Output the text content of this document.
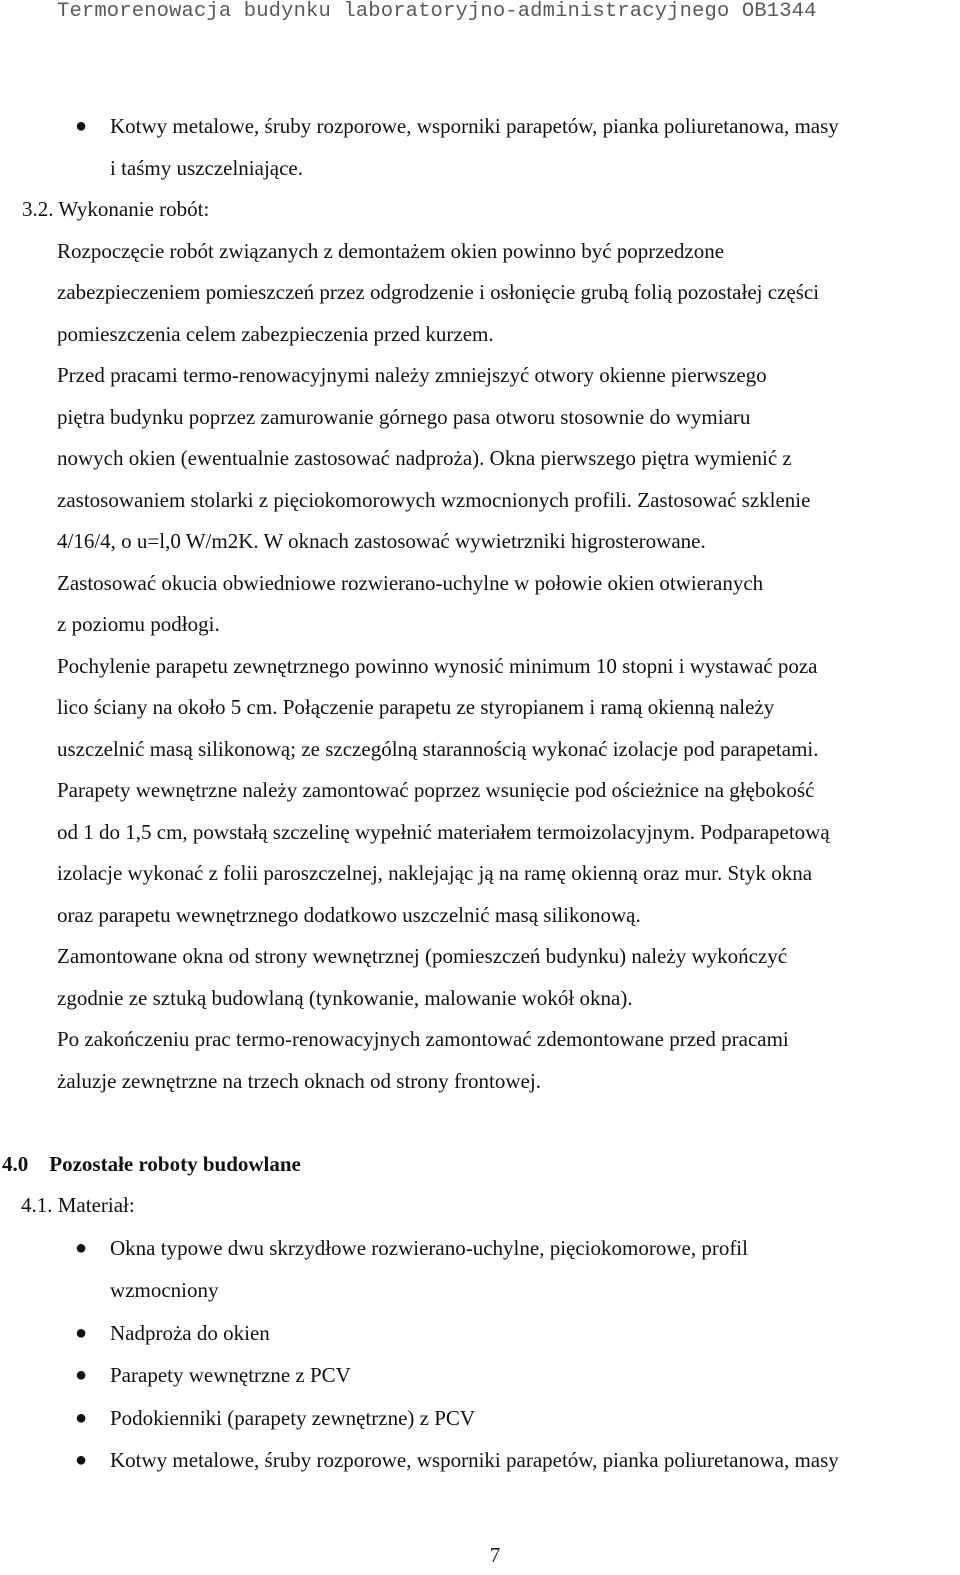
Termorenowacja budynku laboratoryjno-administracyjnego OB1344
● Kotwy metalowe, śruby rozporowe, wsporniki parapetów, pianka poliuretanowa, masy
i taśmy uszczelniające.
3.2. Wykonanie robót:
Rozpoczęcie robót związanych z demontażem okien powinno być poprzedzone
zabezpieczeniem pomieszczeń przez odgrodzenie i osłonięcie grubą folią pozostałej części
pomieszczenia celem zabezpieczenia przed kurzem.
Przed pracami termo-renowacyjnymi należy zmniejszyć otwory okienne pierwszego
piętra budynku poprzez zamurowanie górnego pasa otworu stosownie do wymiaru
nowych okien (ewentualnie zastosować nadproża). Okna pierwszego piętra wymienić z
zastosowaniem stolarki z pięciokomorowych wzmocnionych profili. Zastosować szklenie
4/16/4, o u=l,0 W/m2K. W oknach zastosować wywietrzniki higrosterowane.
Zastosować okucia obwiedniowe rozwierano-uchylne w połowie okien otwieranych
z poziomu podłogi.
Pochylenie parapetu zewnętrznego powinno wynosić minimum 10 stopni i wystawać poza
lico ściany na około 5 cm. Połączenie parapetu ze styropianem i ramą okienną należy
uszczelnić masą silikonową; ze szczególną starannością wykonać izolacje pod parapetami.
Parapety wewnętrzne należy zamontować poprzez wsunięcie pod ościeżnice na głębokość
od 1 do 1,5 cm, powstałą szczelinę wypełnić materiałem termoizolacyjnym. Podparapetową
izolacje wykonać z folii paroszczelnej, naklejając ją na ramę okienną oraz mur. Styk okna
oraz parapetu wewnętrznego dodatkowo uszczelnić masą silikonową.
Zamontowane okna od strony wewnętrznej (pomieszczeń budynku) należy wykończyć
zgodnie ze sztuką budowlaną (tynkowanie, malowanie wokół okna).
Po zakończeniu prac termo-renowacyjnych zamontować zdemontowane przed pracami
żaluzje zewnętrzne na trzech oknach od strony frontowej.
4.0 Pozostałe roboty budowlane
4.1. Materiał:
● Okna typowe dwu skrzydłowe rozwierano-uchylne, pięciokomorowe, profil
wzmocniony
● Nadproża do okien
● Parapety wewnętrzne z PCV
● Podokienniki (parapety zewnętrzne) z PCV
● Kotwy metalowe, śruby rozporowe, wsporniki parapetów, pianka poliuretanowa, masy
7
